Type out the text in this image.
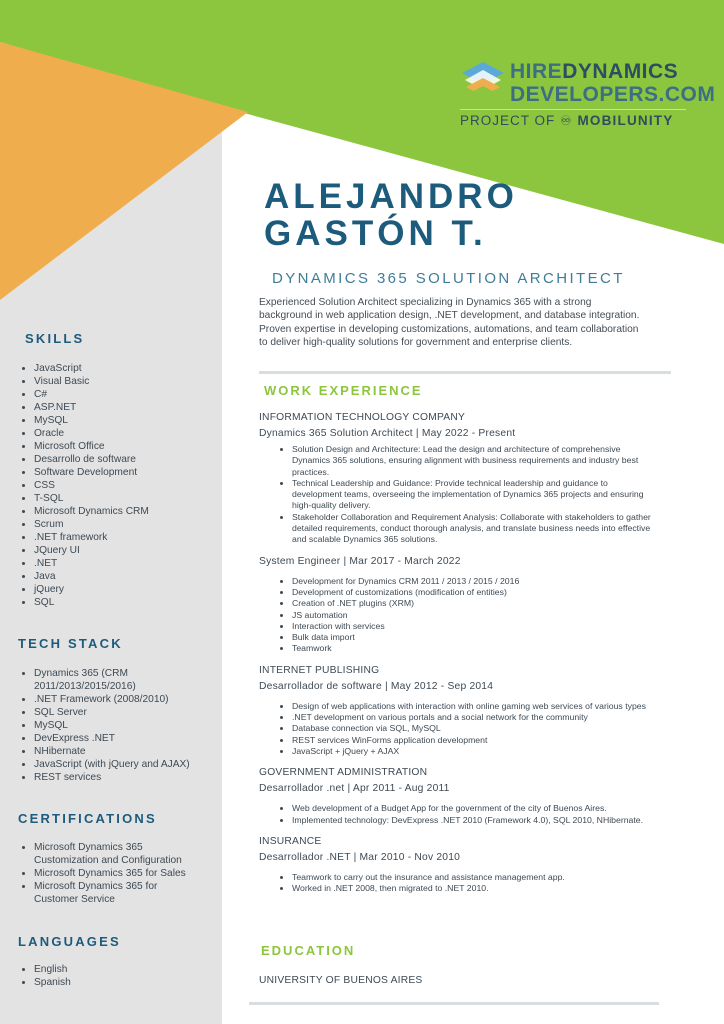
HIREDYNAMICS
DEVELOPERS.COM
PROJECT OF ♾ MOBILUNITY
ALEJANDRO
GASTÓN T.
DYNAMICS 365 SOLUTION ARCHITECT
Experienced Solution Architect specializing in Dynamics 365 with a strong background in web application design, .NET development, and database integration. Proven expertise in developing customizations, automations, and team collaboration to deliver high-quality solutions for government and enterprise clients.
WORK EXPERIENCE

INFORMATION TECHNOLOGY COMPANY

Dynamics 365 Solution Architect | May 2022 - Present

• Solution Design and Architecture: Lead the design and architecture of comprehensive Dynamics 365 solutions, ensuring alignment with business requirements and industry best practices.
• Technical Leadership and Guidance: Provide technical leadership and guidance to development teams, overseeing the implementation of Dynamics 365 projects and ensuring high-quality delivery.
• Stakeholder Collaboration and Requirement Analysis: Collaborate with stakeholders to gather detailed requirements, conduct thorough analysis, and translate business needs into effective and scalable Dynamics 365 solutions.

System Engineer | Mar 2017 - March 2022

• Development for Dynamics CRM 2011 / 2013 / 2015 / 2016
• Development of customizations (modification of entities)
• Creation of .NET plugins (XRM)
• JS automation
• Interaction with services
• Bulk data import
• Teamwork

INTERNET PUBLISHING

Desarrollador de software | May 2012 - Sep 2014

• Design of web applications with interaction with online gaming web services of various types
• .NET development on various portals and a social network for the community
• Database connection via SQL, MySQL
• REST services WinForms application development
• JavaScript + jQuery + AJAX

GOVERNMENT ADMINISTRATION

Desarrollador .net | Apr 2011 - Aug 2011

• Web development of a Budget App for the government of the city of Buenos Aires.
• Implemented technology: DevExpress .NET 2010 (Framework 4.0), SQL 2010, NHibernate.

INSURANCE

Desarrollador .NET | Mar 2010 - Nov 2010

• Teamwork to carry out the insurance and assistance management app.
• Worked in .NET 2008, then migrated to .NET 2010.
EDUCATION
UNIVERSITY OF BUENOS AIRES
SKILLS
• JavaScript
• Visual Basic
• C#
• ASP.NET
• MySQL
• Oracle
• Microsoft Office
• Desarrollo de software
• Software Development
• CSS
• T-SQL
• Microsoft Dynamics CRM
• Scrum
• .NET framework
• JQuery UI
• .NET
• Java
• jQuery
• SQL
TECH STACK
• Dynamics 365 (CRM 2011/2013/2015/2016)
• .NET Framework (2008/2010)
• SQL Server
• MySQL
• DevExpress .NET
• NHibernate
• JavaScript (with jQuery and AJAX)
• REST services
CERTIFICATIONS
• Microsoft Dynamics 365 Customization and Configuration
• Microsoft Dynamics 365 for Sales
• Microsoft Dynamics 365 for Customer Service
LANGUAGES
• English
• Spanish
